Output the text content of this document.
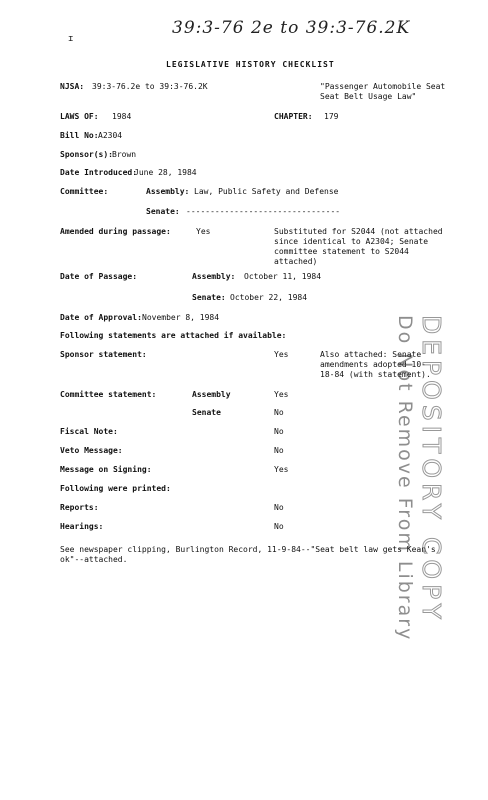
ɪ
39:3-76 2e to 39:3-76.2K
LEGISLATIVE HISTORY CHECKLIST
NJSA: 39:3-76.2e to 39:3-76.2K	"Passenger Automobile Seat Seat Belt Usage Law"
LAWS OF: 1984	CHAPTER: 179
Bill No: A2304
Sponsor(s): Brown
Date Introduced:
June 28, 1984
Committee:	Assembly: Law, Public Safety and Defense
Senate: --------------------------------
Amended during passage:	Yes	Substituted for S2044 (not attached since identical to A2304; Senate committee statement to S2044 attached)
Date of Passage:	Assembly: October 11, 1984
Senate: October 22, 1984
Date of Approval: November 8, 1984
Following statements are attached if available:
Sponsor statement:	Yes	Also attached: Senate amendments adopted 10-18-84 (with statement).
Committee statement:	Assembly	Yes
Senate	No
Fiscal Note:	No
Veto Message:	No
Message on Signing:	Yes
Following were printed:
Reports:	No
Hearings:	No
See newspaper clipping, Burlington Record, 11-9-84--"Seat belt law gets Kean's ok"--attached.	DEPOSITORY COPY
Do Not Remove From Library
